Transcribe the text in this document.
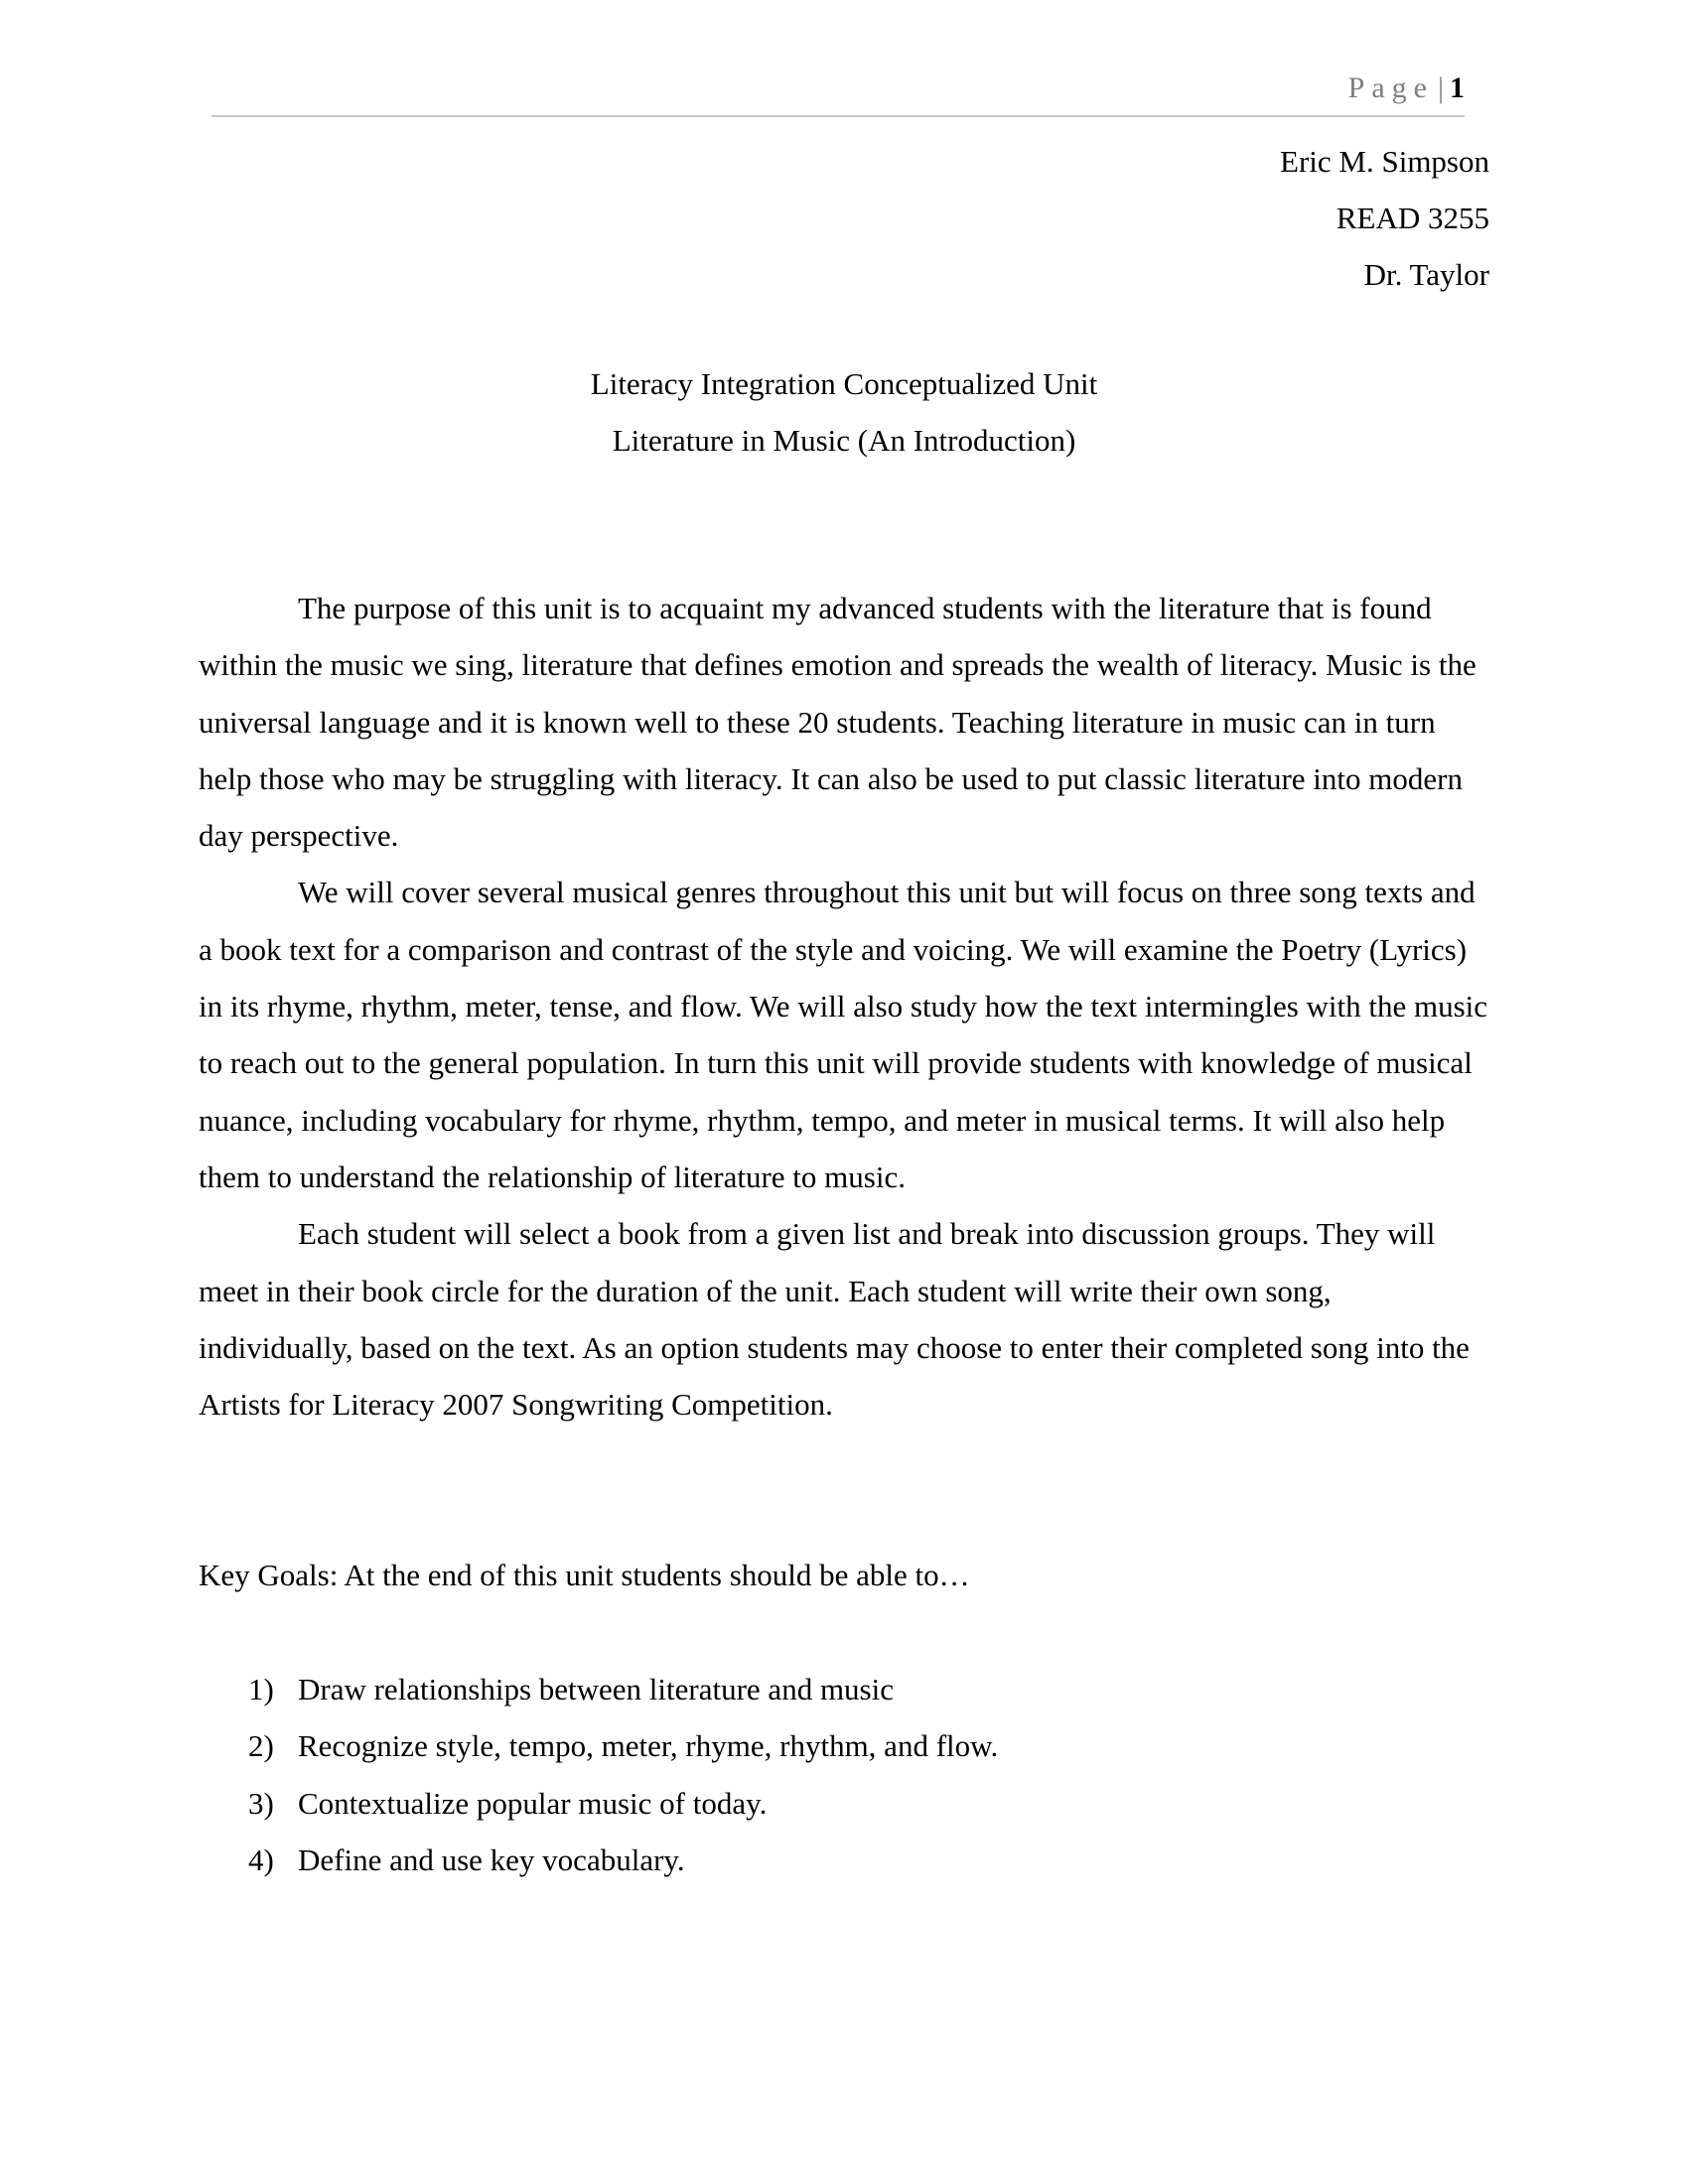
Page | 1
Eric M. Simpson
READ 3255
Dr. Taylor
Literacy Integration Conceptualized Unit
Literature in Music (An Introduction)

The purpose of this unit is to acquaint my advanced students with the literature that is found within the music we sing, literature that defines emotion and spreads the wealth of literacy. Music is the universal language and it is known well to these 20 students. Teaching literature in music can in turn help those who may be struggling with literacy. It can also be used to put classic literature into modern day perspective.

We will cover several musical genres throughout this unit but will focus on three song texts and a book text for a comparison and contrast of the style and voicing. We will examine the Poetry (Lyrics) in its rhyme, rhythm, meter, tense, and flow. We will also study how the text intermingles with the music to reach out to the general population. In turn this unit will provide students with knowledge of musical nuance, including vocabulary for rhyme, rhythm, tempo, and meter in musical terms. It will also help them to understand the relationship of literature to music.

Each student will select a book from a given list and break into discussion groups. They will meet in their book circle for the duration of the unit. Each student will write their own song, individually, based on the text. As an option students may choose to enter their completed song into the Artists for Literacy 2007 Songwriting Competition.

Key Goals: At the end of this unit students should be able to…
1) Draw relationships between literature and music
2) Recognize style, tempo, meter, rhyme, rhythm, and flow.
3) Contextualize popular music of today.
4) Define and use key vocabulary.
